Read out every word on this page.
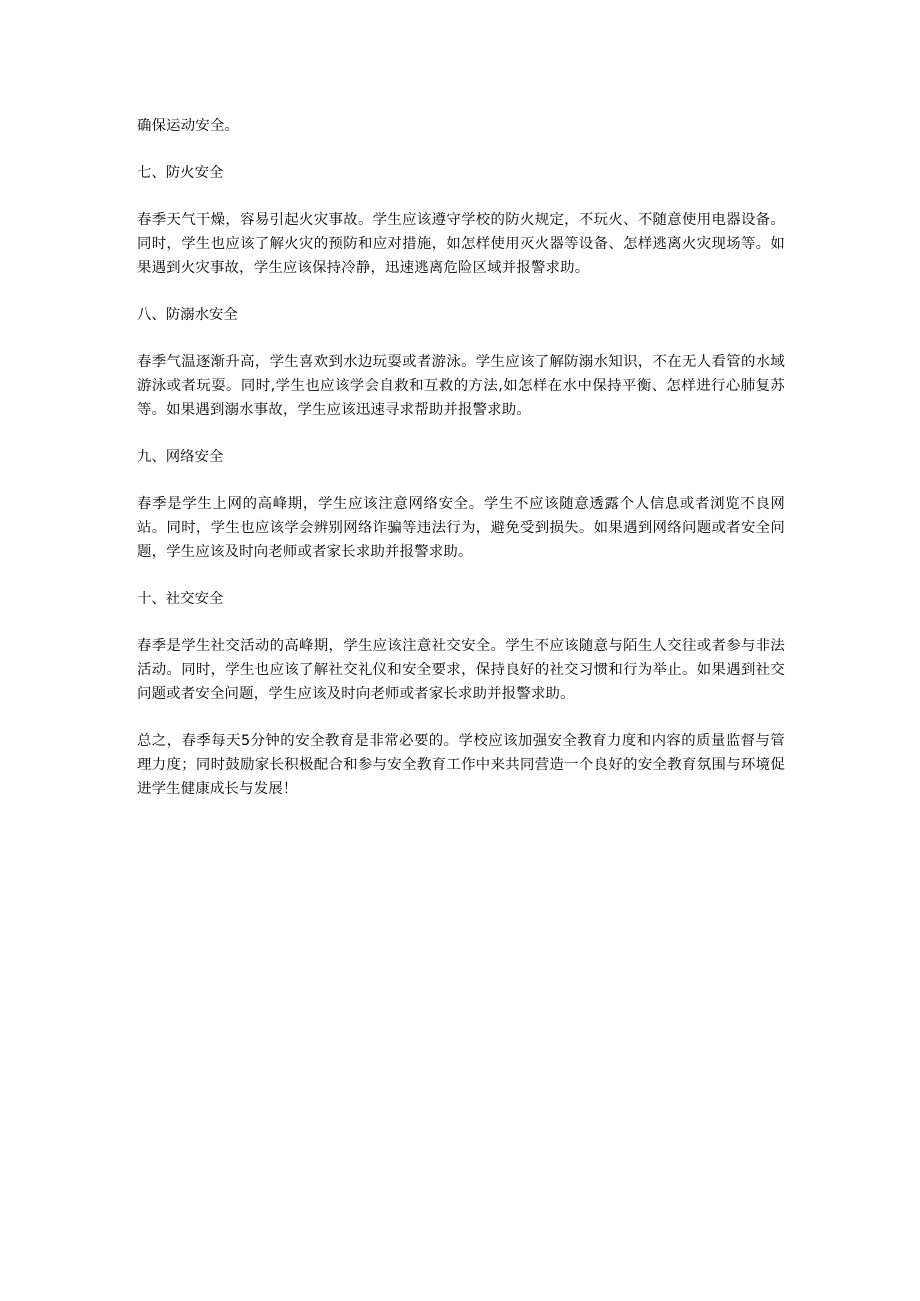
确保运动安全。

七、防火安全

春季天气干燥，容易引起火灾事故。学生应该遵守学校的防火规定，不玩火、不随意使用电器设备。同时，学生也应该了解火灾的预防和应对措施，如怎样使用灭火器等设备、怎样逃离火灾现场等。如果遇到火灾事故，学生应该保持冷静，迅速逃离危险区域并报警求助。

八、防溺水安全

春季气温逐渐升高，学生喜欢到水边玩耍或者游泳。学生应该了解防溺水知识，不在无人看管的水域游泳或者玩耍。同时,学生也应该学会自救和互救的方法,如怎样在水中保持平衡、怎样进行心肺复苏等。如果遇到溺水事故，学生应该迅速寻求帮助并报警求助。

九、网络安全

春季是学生上网的高峰期，学生应该注意网络安全。学生不应该随意透露个人信息或者浏览不良网站。同时，学生也应该学会辨别网络诈骗等违法行为，避免受到损失。如果遇到网络问题或者安全问题，学生应该及时向老师或者家长求助并报警求助。

十、社交安全

春季是学生社交活动的高峰期，学生应该注意社交安全。学生不应该随意与陌生人交往或者参与非法活动。同时，学生也应该了解社交礼仪和安全要求，保持良好的社交习惯和行为举止。如果遇到社交问题或者安全问题，学生应该及时向老师或者家长求助并报警求助。

总之，春季每天5分钟的安全教育是非常必要的。学校应该加强安全教育力度和内容的质量监督与管理力度；同时鼓励家长积极配合和参与安全教育工作中来共同营造一个良好的安全教育氛围与环境促进学生健康成长与发展！
